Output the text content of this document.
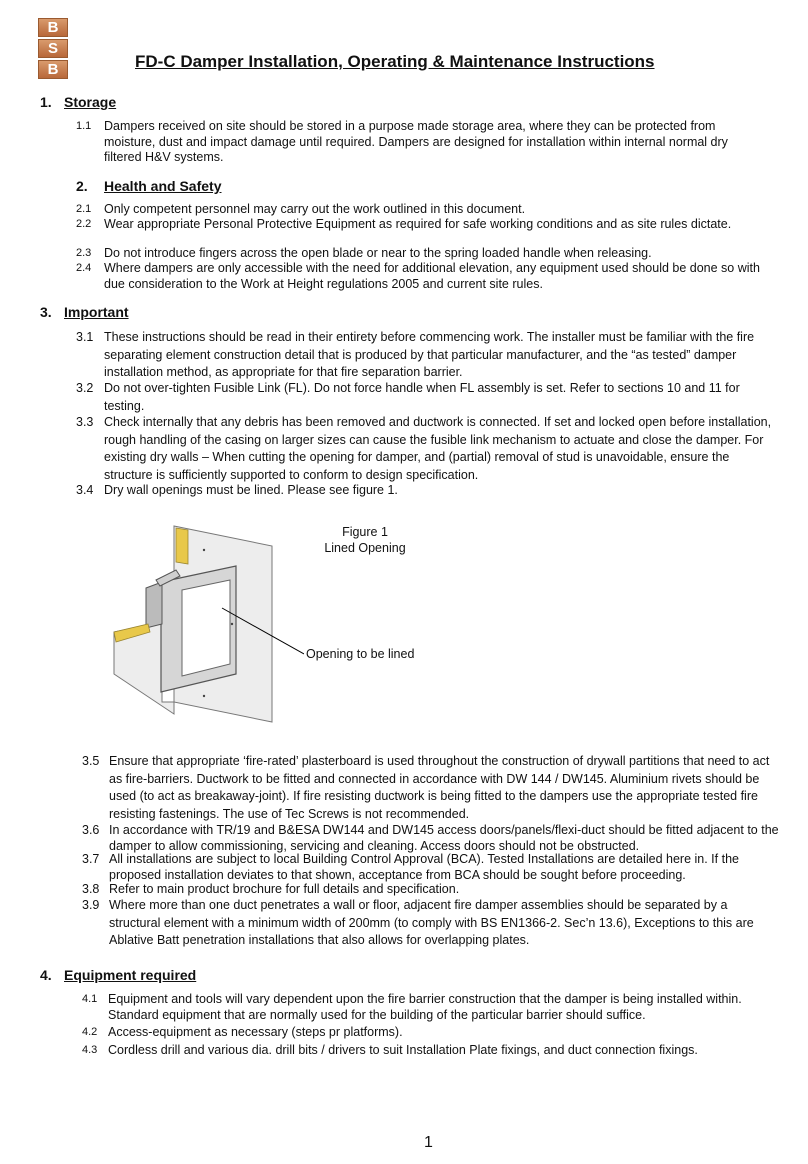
B
S
B	FD-C Damper Installation, Operating & Maintenance Instructions
1. Storage
1.1	Dampers received on site should be stored in a purpose made storage area, where they can be protected from moisture, dust and impact damage until required. Dampers are designed for installation within internal normal dry filtered H&V systems.
2. Health and Safety
2.1	Only competent personnel may carry out the work outlined in this document.
2.2	Wear appropriate Personal Protective Equipment as required for safe working conditions and as site rules dictate.
2.3	Do not introduce fingers across the open blade or near to the spring loaded handle when releasing.
2.4	Where dampers are only accessible with the need for additional elevation, any equipment used should be done so with due consideration to the Work at Height regulations 2005 and current site rules.
3. Important
3.1 These instructions should be read in their entirety before commencing work. The installer must be familiar with the fire separating element construction detail that is produced by that particular manufacturer, and the “as tested” damper installation method, as appropriate for that fire separation barrier.
3.2 Do not over-tighten Fusible Link (FL). Do not force handle when FL assembly is set. Refer to sections 10 and 11 for testing.
3.3 Check internally that any debris has been removed and ductwork is connected. If set and locked open before installation, rough handling of the casing on larger sizes can cause the fusible link mechanism to actuate and close the damper. For existing dry walls – When cutting the opening for damper, and (partial) removal of stud is unavoidable, ensure the structure is sufficiently supported to conform to design specification.
3.4 Dry wall openings must be lined. Please see figure 1.
Figure 1
Lined Opening
Opening to be lined
3.5 Ensure that appropriate ‘fire-rated’ plasterboard is used throughout the construction of drywall partitions that need to act as fire-barriers. Ductwork to be fitted and connected in accordance with DW 144 / DW145. Aluminium rivets should be used (to act as breakaway-joint). If fire resisting ductwork is being fitted to the dampers use the appropriate tested fire resisting fastenings. The use of Tec Screws is not recommended.
3.6 In accordance with TR/19 and B&ESA DW144 and DW145 access doors/panels/flexi-duct should be fitted adjacent to the damper to allow commissioning, servicing and cleaning. Access doors should not be obstructed.
3.7 All installations are subject to local Building Control Approval (BCA). Tested Installations are detailed here in. If the proposed installation deviates to that shown, acceptance from BCA should be sought before proceeding.
3.8 Refer to main product brochure for full details and specification.
3.9 Where more than one duct penetrates a wall or floor, adjacent fire damper assemblies should be separated by a structural element with a minimum width of 200mm (to comply with BS EN1366-2. Sec’n 13.6), Exceptions to this are Ablative Batt penetration installations that also allows for overlapping plates.
4. Equipment required
4.1 Equipment and tools will vary dependent upon the fire barrier construction that the damper is being installed within. Standard equipment that are normally used for the building of the particular barrier should suffice.
4.2 Access-equipment as necessary (steps pr platforms).
4.3 Cordless drill and various dia. drill bits / drivers to suit Installation Plate fixings, and duct connection fixings.
1
